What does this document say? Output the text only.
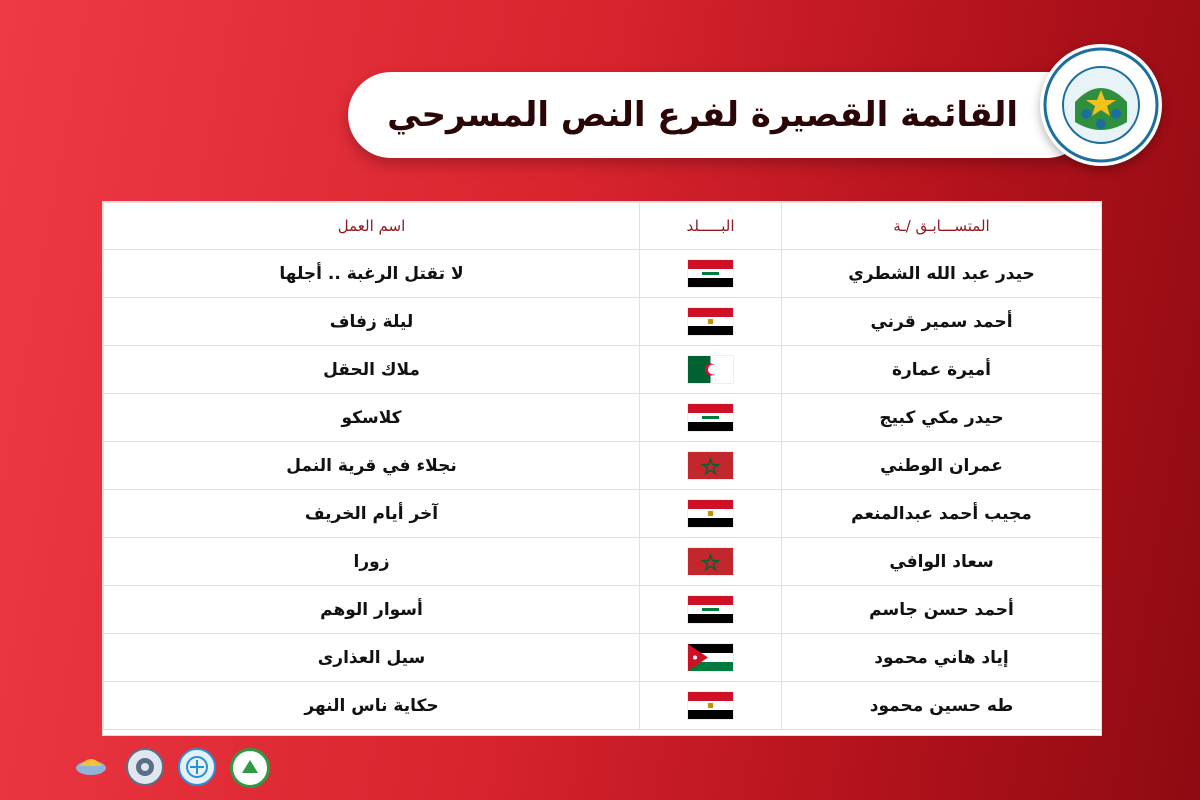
القائمة القصيرة لفرع النص المسرحي
اسم العمل	البـــــلد	المتســـابـق /ـة
لا تقتل الرغبة .. أجلها		حيدر عبد الله الشطري
ليلة زفاف		أحمد سمير قرني
ملاك الحقل		أميرة عمارة
كلاسكو		حيدر مكي كبيج
نجلاء في قرية النمل		عمران الوطني
آخر أيام الخريف		مجيب أحمد عبدالمنعم
زورا		سعاد الوافي
أسوار الوهم		أحمد حسن جاسم
سيل العذارى		إياد هاني محمود
حكاية ناس النهر		طه حسين محمود
